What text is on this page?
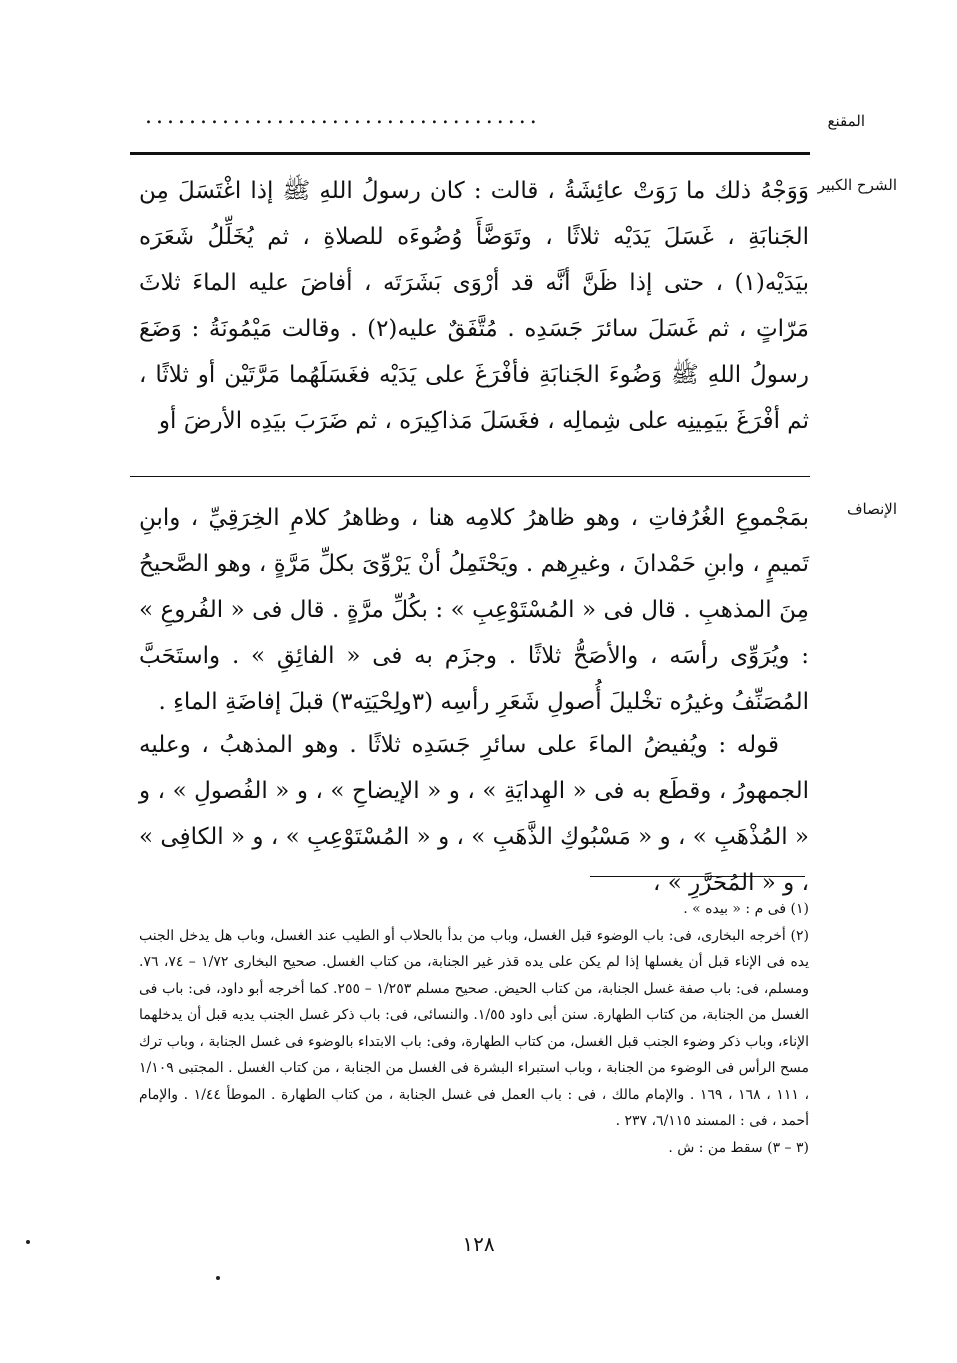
المقنع
....................................
الشرح الكبير

وَوَجْهُ ذلك ما رَوَتْ عائِشَةُ ، قالت : كان رسولُ اللهِ ﷺ إذا اغْتَسَلَ مِن الجَنابَةِ ، غَسَلَ يَدَيْه ثلاثًا ، وتَوَضَّأَ وُضُوءَه للصلاةِ ، ثم يُخَلِّلُ شَعَرَه بيَدَيْه(١) ، حتى إذا ظَنَّ أنَّه قد أرْوَى بَشَرَتَه ، أفاضَ عليه الماءَ ثلاثَ مَرّاتٍ ، ثم غَسَلَ سائرَ جَسَدِه . مُتَّفَقٌ عليه(٢) . وقالت مَيْمُونَةُ : وَضَعَ رسولُ اللهِ ﷺ وَضُوءَ الجَنابَةِ فأفْرَغَ على يَدَيْه فغَسَلَهُما مَرَّتَيْن أو ثلاثًا ، ثم أفْرَغَ بيَمِينِه على شِمالِه ، فغَسَلَ مَذاكِيرَه ، ثم ضَرَبَ بيَدِه الأرضَ أو

الإنصاف

بمَجْموعِ الغُرُفاتِ ، وهو ظاهرُ كلامِه هنا ، وظاهرُ كلامِ الخِرَقِيِّ ، وابنِ تَميمٍ ، وابنِ حَمْدانَ ، وغيرِهم . ويَحْتَمِلُ أنْ يَرْوِّىَ بكلِّ مَرَّةٍ ، وهو الصَّحيحُ مِنَ المذهبِ . قال فى « المُسْتَوْعِبِ » : بكُلِّ مرَّةٍ . قال فى « الفُروعِ » : ويُرَوِّى رأسَه ، والأصَحُّ ثلاثًا . وجزَم به فى « الفائِقِ » . واستَحَبَّ المُصَنِّفُ وغيرُه تخْليلَ أُصولِ شَعَرِ رأسِه (٣ولِحْيَتِه٣) قبلَ إفاضَةِ الماءِ .

قوله : ويُفيضُ الماءَ على سائرِ جَسَدِه ثلاثًا . وهو المذهبُ ، وعليه الجمهورُ ، وقطَع به فى « الهِدايَةِ » ، و « الإيضاحِ » ، و « الفُصولِ » ، و « المُذْهَبِ » ، و « مَسْبُوكِ الذَّهَبِ » ، و « المُسْتَوْعِبِ » ، و « الكافِى » ، و « المُحَرَّرِ » ،

(١) فى م : « بيده » .

(٢) أخرجه البخارى، فى: باب الوضوء قبل الغسل، وباب من بدأ بالحلاب أو الطيب عند الغسل، وباب هل يدخل الجنب يده فى الإناء قبل أن يغسلها إذا لم يكن على يده قذر غير الجنابة، من كتاب الغسل. صحيح البخارى ١/٧٢ – ٧٤، ٧٦. ومسلم، فى: باب صفة غسل الجنابة، من كتاب الحيض. صحيح مسلم ١/٢٥٣ – ٢٥٥. كما أخرجه أبو داود، فى: باب فى الغسل من الجنابة، من كتاب الطهارة. سنن أبى داود ١/٥٥. والنسائى، فى: باب ذكر غسل الجنب يديه قبل أن يدخلهما الإناء، وباب ذكر وضوء الجنب قبل الغسل، من كتاب الطهارة، وفى: باب الابتداء بالوضوء فى غسل الجنابة ، وباب ترك مسح الرأس فى الوضوء من الجنابة ، وباب استبراء البشرة فى الغسل من الجنابة ، من كتاب الغسل . المجتبى ١/١٠٩ ، ١١١ ، ١٦٨ ، ١٦٩ . والإمام مالك ، فى : باب العمل فى غسل الجنابة ، من كتاب الطهارة . الموطأ ١/٤٤ . والإمام أحمد ، فى : المسند ٦/١١٥، ٢٣٧ .

(٣ – ٣) سقط من : ش .

١٢٨
